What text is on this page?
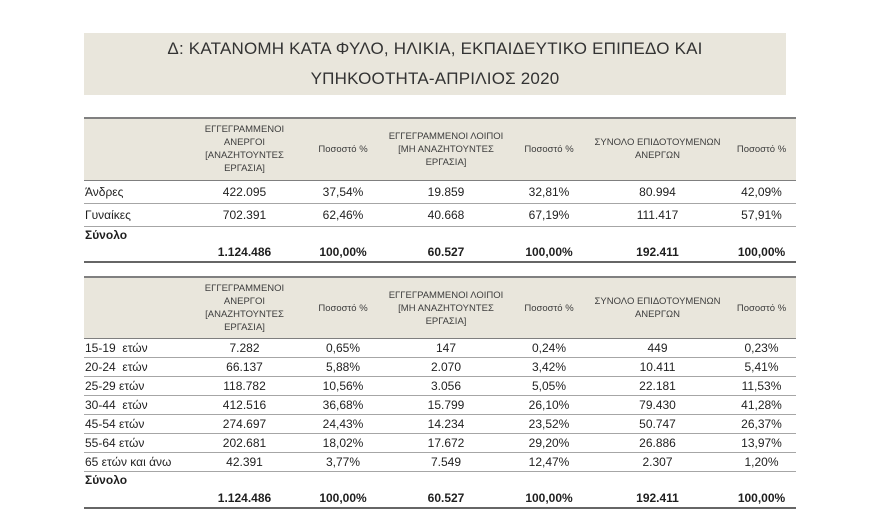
Δ: ΚΑΤΑΝΟΜΗ ΚΑΤΑ ΦΥΛΟ, ΗΛΙΚΙΑ, ΕΚΠΑΙΔΕΥΤΙΚΟ ΕΠΙΠΕΔΟ ΚΑΙ ΥΠΗΚΟΟΤΗΤΑ-ΑΠΡΙΛΙΟΣ 2020
	ΕΓΓΕΓΡΑΜΜΕΝΟΙ ΑΝΕΡΓΟΙ [ΑΝΑΖΗΤΟΥΝΤΕΣ ΕΡΓΑΣΙΑ]	Ποσοστό %	ΕΓΓΕΓΡΑΜΜΕΝΟΙ ΛΟΙΠΟΙ [ΜΗ ΑΝΑΖΗΤΟΥΝΤΕΣ ΕΡΓΑΣΙΑ]	Ποσοστό %	ΣΥΝΟΛΟ ΕΠΙΔΟΤΟΥΜΕΝΩΝ ΑΝΕΡΓΩΝ	Ποσοστό %
Άνδρες	422.095	37,54%	19.859	32,81%	80.994	42,09%
Γυναίκες	702.391	62,46%	40.668	67,19%	111.417	57,91%
Σύνολο						
	1.124.486	100,00%	60.527	100,00%	192.411	100,00%
	ΕΓΓΕΓΡΑΜΜΕΝΟΙ ΑΝΕΡΓΟΙ [ΑΝΑΖΗΤΟΥΝΤΕΣ ΕΡΓΑΣΙΑ]	Ποσοστό %	ΕΓΓΕΓΡΑΜΜΕΝΟΙ ΛΟΙΠΟΙ [ΜΗ ΑΝΑΖΗΤΟΥΝΤΕΣ ΕΡΓΑΣΙΑ]	Ποσοστό %	ΣΥΝΟΛΟ ΕΠΙΔΟΤΟΥΜΕΝΩΝ ΑΝΕΡΓΩΝ	Ποσοστό %
15-19  ετών	7.282	0,65%	147	0,24%	449	0,23%
20-24  ετών	66.137	5,88%	2.070	3,42%	10.411	5,41%
25-29 ετών	118.782	10,56%	3.056	5,05%	22.181	11,53%
30-44  ετών	412.516	36,68%	15.799	26,10%	79.430	41,28%
45-54 ετών	274.697	24,43%	14.234	23,52%	50.747	26,37%
55-64 ετών	202.681	18,02%	17.672	29,20%	26.886	13,97%
65 ετών και άνω	42.391	3,77%	7.549	12,47%	2.307	1,20%
Σύνολο						
	1.124.486	100,00%	60.527	100,00%	192.411	100,00%
